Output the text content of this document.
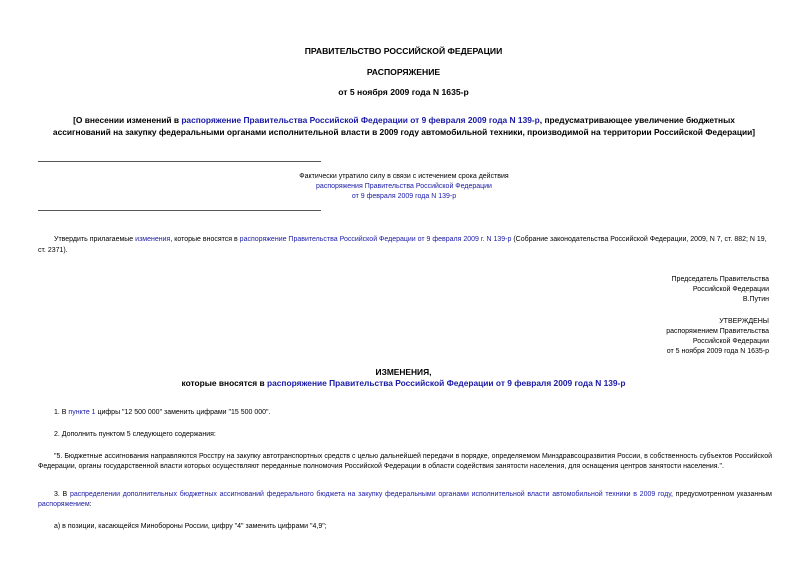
ПРАВИТЕЛЬСТВО РОССИЙСКОЙ ФЕДЕРАЦИИ
РАСПОРЯЖЕНИЕ
от 5 ноября 2009 года N 1635-р
[О внесении изменений в распоряжение Правительства Российской Федерации от 9 февраля 2009 года N 139-р, предусматривающее увеличение бюджетных ассигнований на закупку федеральными органами исполнительной власти в 2009 году автомобильной техники, производимой на территории Российской Федерации]
Фактически утратило силу в связи с истечением срока действия
распоряжения Правительства Российской Федерации
от 9 февраля 2009 года N 139-р
Утвердить прилагаемые изменения, которые вносятся в распоряжение Правительства Российской Федерации от 9 февраля 2009 г. N 139-р (Собрание законодательства Российской Федерации, 2009, N 7, ст. 882; N 19, ст. 2371).
Председатель Правительства
Российской Федерации
В.Путин
УТВЕРЖДЕНЫ
распоряжением Правительства
Российской Федерации
от 5 ноября 2009 года N 1635-р
ИЗМЕНЕНИЯ,
которые вносятся в распоряжение Правительства Российской Федерации от 9 февраля 2009 года N 139-р
1. В пункте 1 цифры "12 500 000" заменить цифрами "15 500 000".
2. Дополнить пунктом 5 следующего содержания:
"5. Бюджетные ассигнования направляются Росстру на закупку автотранспортных средств с целью дальнейшей передачи в порядке, определяемом Минздравсоцразвития России, в собственность субъектов Российской Федерации, органы государственной власти которых осуществляют переданные полномочия Российской Федерации в области содействия занятости населения, для оснащения центров занятости населения.".
3. В распределении дополнительных бюджетных ассигнований федерального бюджета на закупку федеральными органами исполнительной власти автомобильной техники в 2009 году, предусмотренном указанным распоряжением:
а) в позиции, касающейся Минобороны России, цифру "4" заменить цифрами "4,9";
